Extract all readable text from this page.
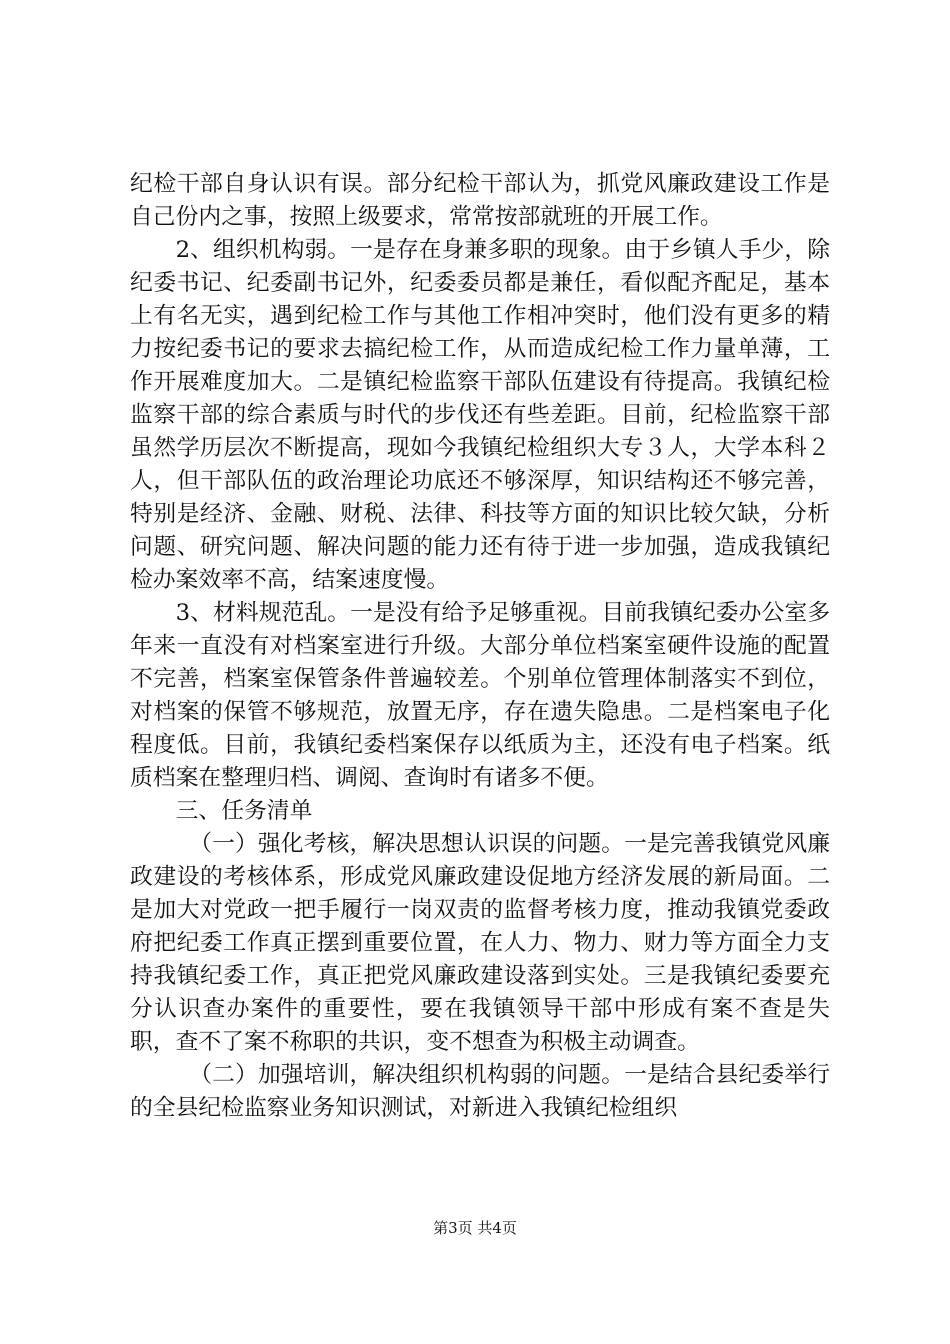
纪检干部自身认识有误。部分纪检干部认为，抓党风廉政建设工作是自己份内之事，按照上级要求，常常按部就班的开展工作。

2、组织机构弱。一是存在身兼多职的现象。由于乡镇人手少，除纪委书记、纪委副书记外，纪委委员都是兼任，看似配齐配足，基本上有名无实，遇到纪检工作与其他工作相冲突时，他们没有更多的精力按纪委书记的要求去搞纪检工作，从而造成纪检工作力量单薄，工作开展难度加大。二是镇纪检监察干部队伍建设有待提高。我镇纪检监察干部的综合素质与时代的步伐还有些差距。目前，纪检监察干部虽然学历层次不断提高，现如今我镇纪检组织大专３人，大学本科２人，但干部队伍的政治理论功底还不够深厚，知识结构还不够完善，特别是经济、金融、财税、法律、科技等方面的知识比较欠缺，分析问题、研究问题、解决问题的能力还有待于进一步加强，造成我镇纪检办案效率不高，结案速度慢。

3、材料规范乱。一是没有给予足够重视。目前我镇纪委办公室多年来一直没有对档案室进行升级。大部分单位档案室硬件设施的配置不完善，档案室保管条件普遍较差。个别单位管理体制落实不到位，对档案的保管不够规范，放置无序，存在遗失隐患。二是档案电子化程度低。目前，我镇纪委档案保存以纸质为主，还没有电子档案。纸质档案在整理归档、调阅、查询时有诸多不便。

三、任务清单

（一）强化考核，解决思想认识误的问题。一是完善我镇党风廉政建设的考核体系，形成党风廉政建设促地方经济发展的新局面。二是加大对党政一把手履行一岗双责的监督考核力度，推动我镇党委政府把纪委工作真正摆到重要位置，在人力、物力、财力等方面全力支持我镇纪委工作，真正把党风廉政建设落到实处。三是我镇纪委要充分认识查办案件的重要性，要在我镇领导干部中形成有案不查是失职，查不了案不称职的共识，变不想查为积极主动调查。

（二）加强培训，解决组织机构弱的问题。一是结合县纪委举行的全县纪检监察业务知识测试，对新进入我镇纪检组织

第3页 共4页
